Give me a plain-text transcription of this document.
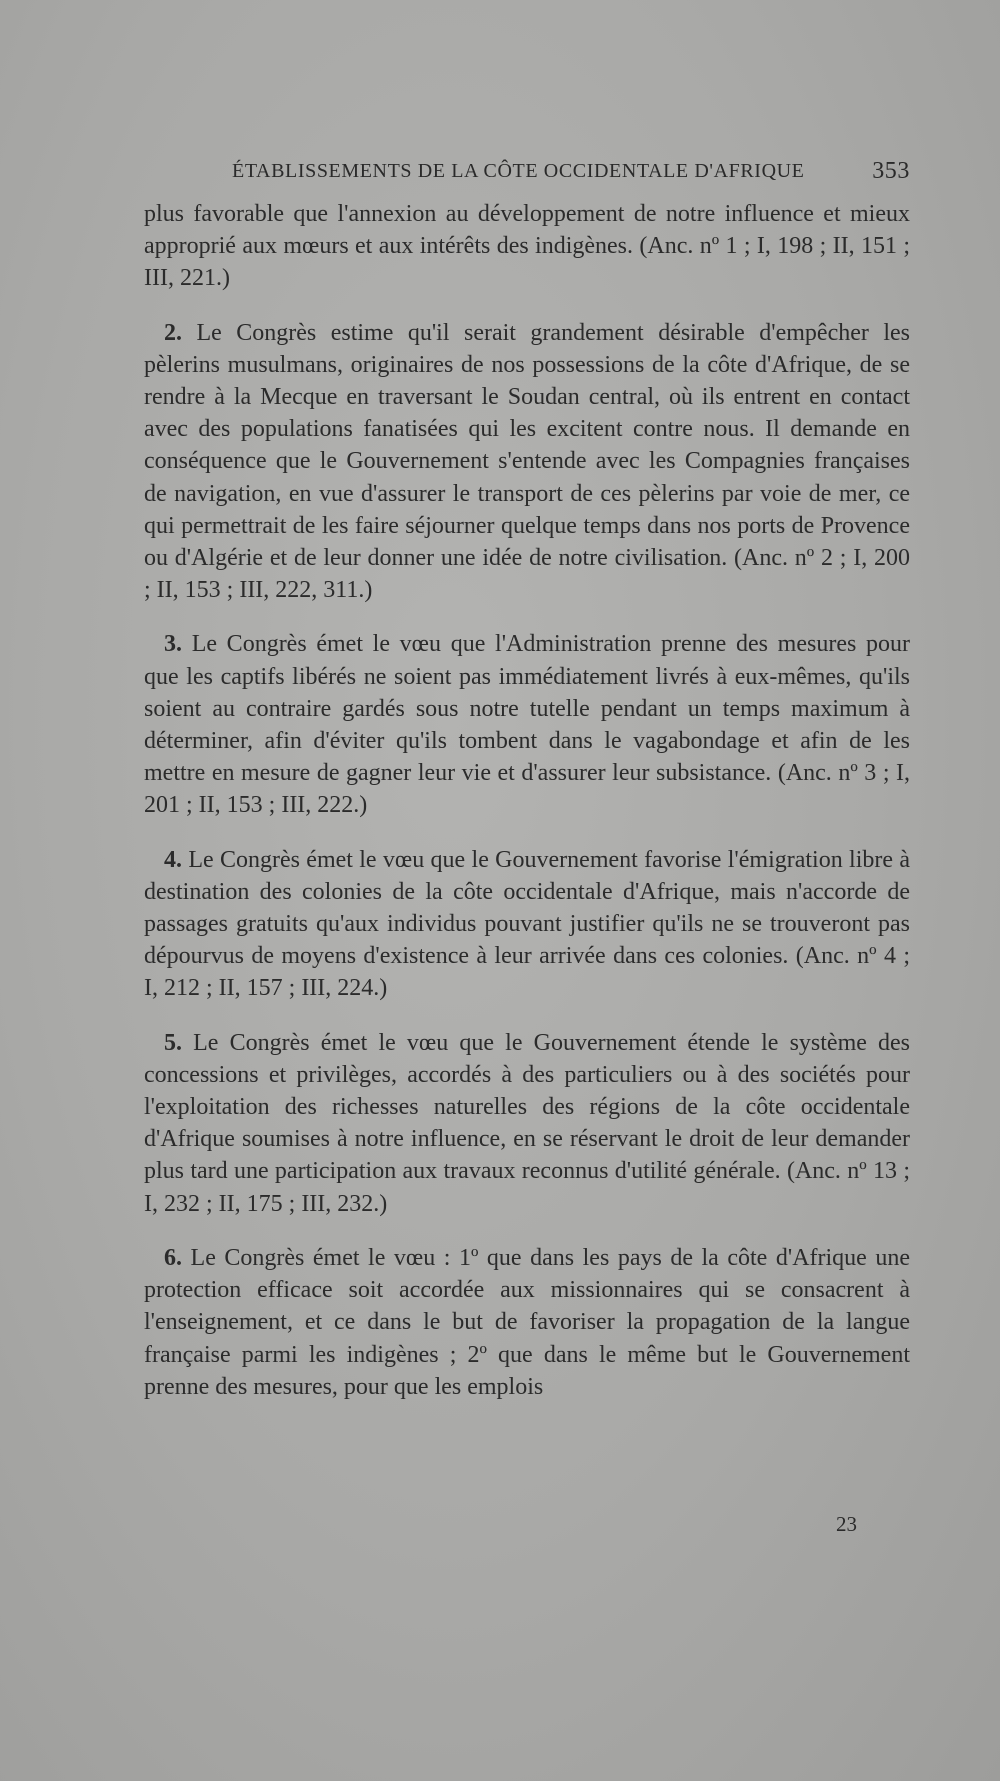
ÉTABLISSEMENTS DE LA CÔTE OCCIDENTALE D'AFRIQUE	353

plus favorable que l'annexion au développement de notre influence et mieux approprié aux mœurs et aux intérêts des indigènes. (Anc. nº 1 ; I, 198 ; II, 151 ; III, 221.)

2. Le Congrès estime qu'il serait grandement désirable d'empêcher les pèlerins musulmans, originaires de nos possessions de la côte d'Afrique, de se rendre à la Mecque en traversant le Soudan central, où ils entrent en contact avec des populations fanatisées qui les excitent contre nous. Il demande en conséquence que le Gouvernement s'entende avec les Compagnies françaises de navigation, en vue d'assurer le transport de ces pèlerins par voie de mer, ce qui permettrait de les faire séjourner quelque temps dans nos ports de Provence ou d'Algérie et de leur donner une idée de notre civilisation. (Anc. nº 2 ; I, 200 ; II, 153 ; III, 222, 311.)

3. Le Congrès émet le vœu que l'Administration prenne des mesures pour que les captifs libérés ne soient pas immédiatement livrés à eux-mêmes, qu'ils soient au contraire gardés sous notre tutelle pendant un temps maximum à déterminer, afin d'éviter qu'ils tombent dans le vagabondage et afin de les mettre en mesure de gagner leur vie et d'assurer leur subsistance. (Anc. nº 3 ; I, 201 ; II, 153 ; III, 222.)

4. Le Congrès émet le vœu que le Gouvernement favorise l'émigration libre à destination des colonies de la côte occidentale d'Afrique, mais n'accorde de passages gratuits qu'aux individus pouvant justifier qu'ils ne se trouveront pas dépourvus de moyens d'existence à leur arrivée dans ces colonies. (Anc. nº 4 ; I, 212 ; II, 157 ; III, 224.)

5. Le Congrès émet le vœu que le Gouvernement étende le système des concessions et privilèges, accordés à des particuliers ou à des sociétés pour l'exploitation des richesses naturelles des régions de la côte occidentale d'Afrique soumises à notre influence, en se réservant le droit de leur demander plus tard une participation aux travaux reconnus d'utilité générale. (Anc. nº 13 ; I, 232 ; II, 175 ; III, 232.)

6. Le Congrès émet le vœu : 1º que dans les pays de la côte d'Afrique une protection efficace soit accordée aux missionnaires qui se consacrent à l'enseignement, et ce dans le but de favoriser la propagation de la langue française parmi les indigènes ; 2º que dans le même but le Gouvernement prenne des mesures, pour que les emplois

23
